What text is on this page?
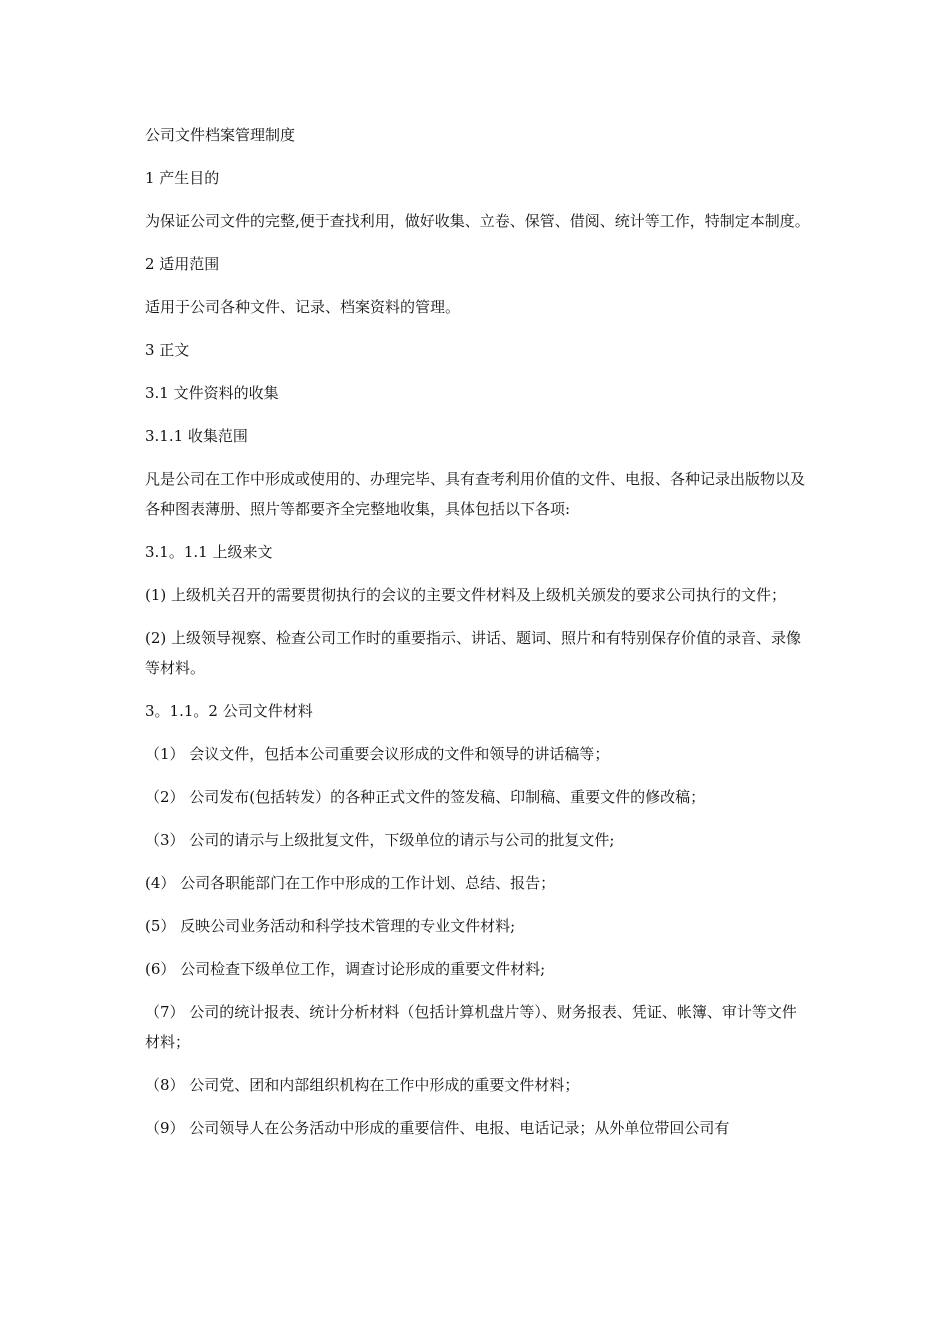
公司文件档案管理制度

1 产生目的

为保证公司文件的完整,便于查找利用，做好收集、立卷、保管、借阅、统计等工作，特制定本制度。

2 适用范围

适用于公司各种文件、记录、档案资料的管理。

3 正文

3.1 文件资料的收集

3.1.1 收集范围

凡是公司在工作中形成或使用的、办理完毕、具有查考利用价值的文件、电报、各种记录出版物以及各种图表薄册、照片等都要齐全完整地收集，具体包括以下各项:

3.1。1.1 上级来文

(1) 上级机关召开的需要贯彻执行的会议的主要文件材料及上级机关颁发的要求公司执行的文件；

(2) 上级领导视察、检查公司工作时的重要指示、讲话、题词、照片和有特别保存价值的录音、录像等材料。

3。1.1。2 公司文件材料

（1） 会议文件，包括本公司重要会议形成的文件和领导的讲话稿等；

（2） 公司发布(包括转发）的各种正式文件的签发稿、印制稿、重要文件的修改稿；

（3） 公司的请示与上级批复文件，下级单位的请示与公司的批复文件;

(4） 公司各职能部门在工作中形成的工作计划、总结、报告；

(5） 反映公司业务活动和科学技术管理的专业文件材料;

(6） 公司检查下级单位工作，调查讨论形成的重要文件材料;

（7） 公司的统计报表、统计分析材料（包括计算机盘片等）、财务报表、凭证、帐簿、审计等文件材料；

（8） 公司党、团和内部组织机构在工作中形成的重要文件材料；

（9） 公司领导人在公务活动中形成的重要信件、电报、电话记录；从外单位带回公司有
